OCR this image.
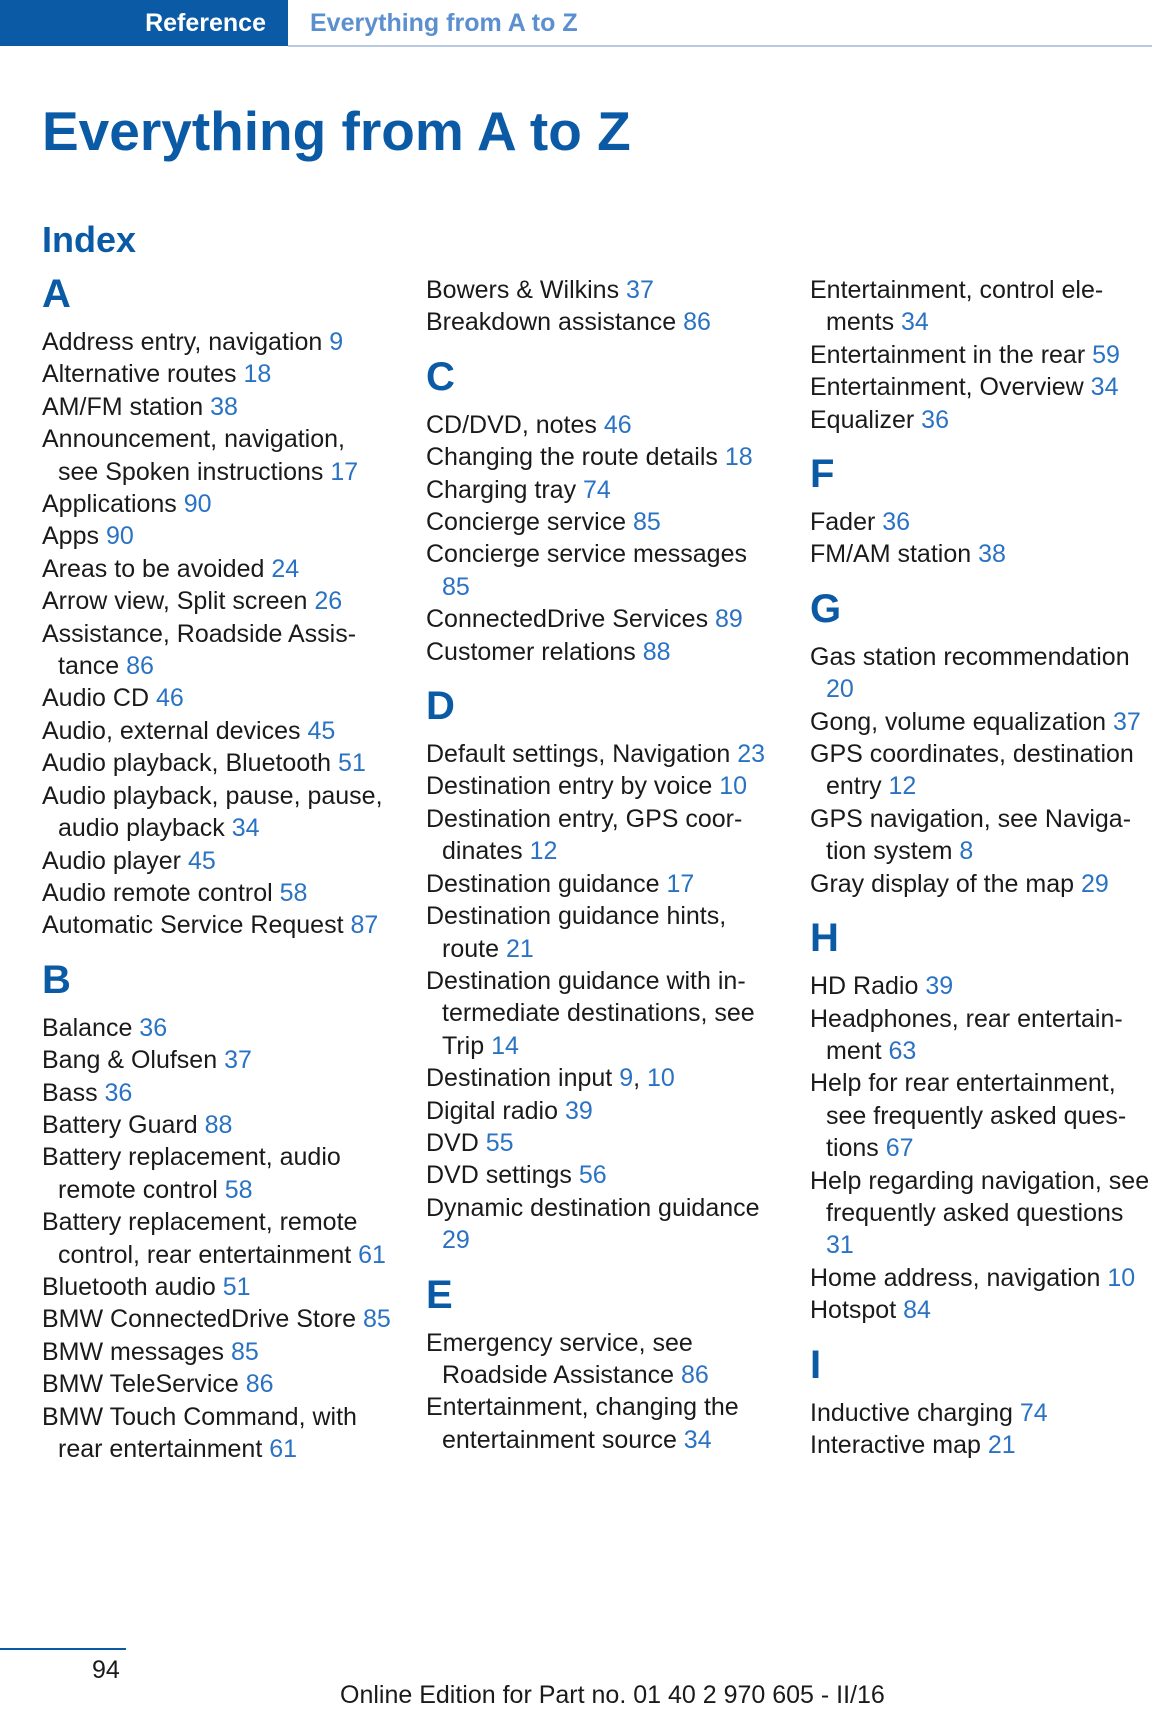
Reference	Everything from A to Z
Everything from A to Z
Index
A
Address entry, navigation 9
Alternative routes 18
AM/FM station 38
Announcement, navigation, see Spoken instructions 17
Applications 90
Apps 90
Areas to be avoided 24
Arrow view, Split screen 26
Assistance, Roadside Assistance 86
Audio CD 46
Audio, external devices 45
Audio playback, Bluetooth 51
Audio playback, pause, pause, audio playback 34
Audio player 45
Audio remote control 58
Automatic Service Request 87
B
Balance 36
Bang & Olufsen 37
Bass 36
Battery Guard 88
Battery replacement, audio remote control 58
Battery replacement, remote control, rear entertainment 61
Bluetooth audio 51
BMW ConnectedDrive Store 85
BMW messages 85
BMW TeleService 86
BMW Touch Command, with rear entertainment 61
Bowers & Wilkins 37
Breakdown assistance 86
C
CD/DVD, notes 46
Changing the route details 18
Charging tray 74
Concierge service 85
Concierge service messages 85
ConnectedDrive Services 89
Customer relations 88
D
Default settings, Navigation 23
Destination entry by voice 10
Destination entry, GPS coordinates 12
Destination guidance 17
Destination guidance hints, route 21
Destination guidance with intermediate destinations, see Trip 14
Destination input 9, 10
Digital radio 39
DVD 55
DVD settings 56
Dynamic destination guidance 29
E
Emergency service, see Roadside Assistance 86
Entertainment, changing the entertainment source 34
Entertainment, control elements 34
Entertainment in the rear 59
Entertainment, Overview 34
Equalizer 36
F
Fader 36
FM/AM station 38
G
Gas station recommendation 20
Gong, volume equalization 37
GPS coordinates, destination entry 12
GPS navigation, see Navigation system 8
Gray display of the map 29
H
HD Radio 39
Headphones, rear entertainment 63
Help for rear entertainment, see frequently asked questions 67
Help regarding navigation, see frequently asked questions 31
Home address, navigation 10
Hotspot 84
I
Inductive charging 74
Interactive map 21
94
Online Edition for Part no. 01 40 2 970 605 - II/16
